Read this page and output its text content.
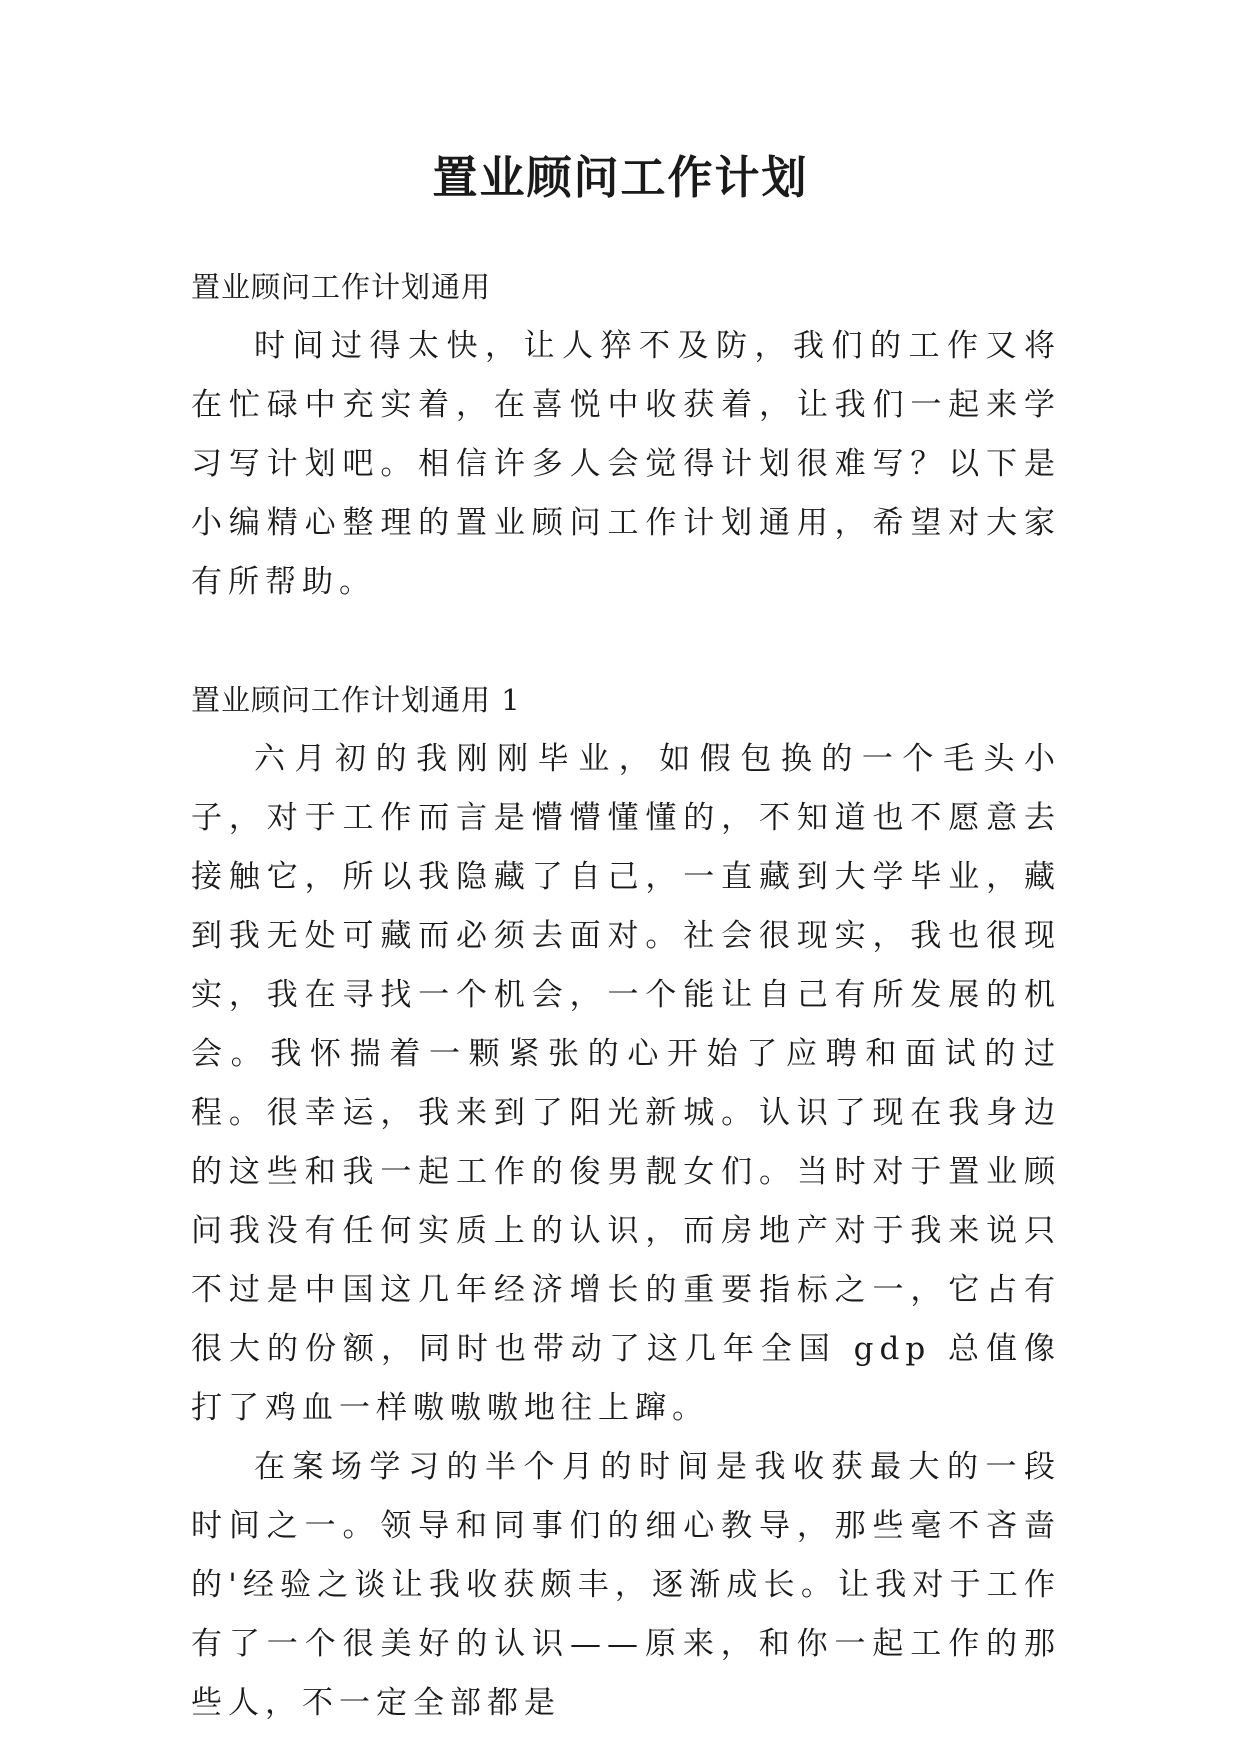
置业顾问工作计划

置业顾问工作计划通用

时间过得太快，让人猝不及防，我们的工作又将在忙碌中充实着，在喜悦中收获着，让我们一起来学习写计划吧。相信许多人会觉得计划很难写？以下是小编精心整理的置业顾问工作计划通用，希望对大家有所帮助。

置业顾问工作计划通用 1

六月初的我刚刚毕业，如假包换的一个毛头小子，对于工作而言是懵懵懂懂的，不知道也不愿意去接触它，所以我隐藏了自己，一直藏到大学毕业，藏到我无处可藏而必须去面对。社会很现实，我也很现实，我在寻找一个机会，一个能让自己有所发展的机会。我怀揣着一颗紧张的心开始了应聘和面试的过程。很幸运，我来到了阳光新城。认识了现在我身边的这些和我一起工作的俊男靓女们。当时对于置业顾问我没有任何实质上的认识，而房地产对于我来说只不过是中国这几年经济增长的重要指标之一，它占有很大的份额，同时也带动了这几年全国 gdp 总值像打了鸡血一样嗷嗷嗷地往上蹿。

在案场学习的半个月的时间是我收获最大的一段时间之一。领导和同事们的细心教导，那些毫不吝啬的'经验之谈让我收获颇丰，逐渐成长。让我对于工作有了一个很美好的认识——原来，和你一起工作的那些人，不一定全部都是
